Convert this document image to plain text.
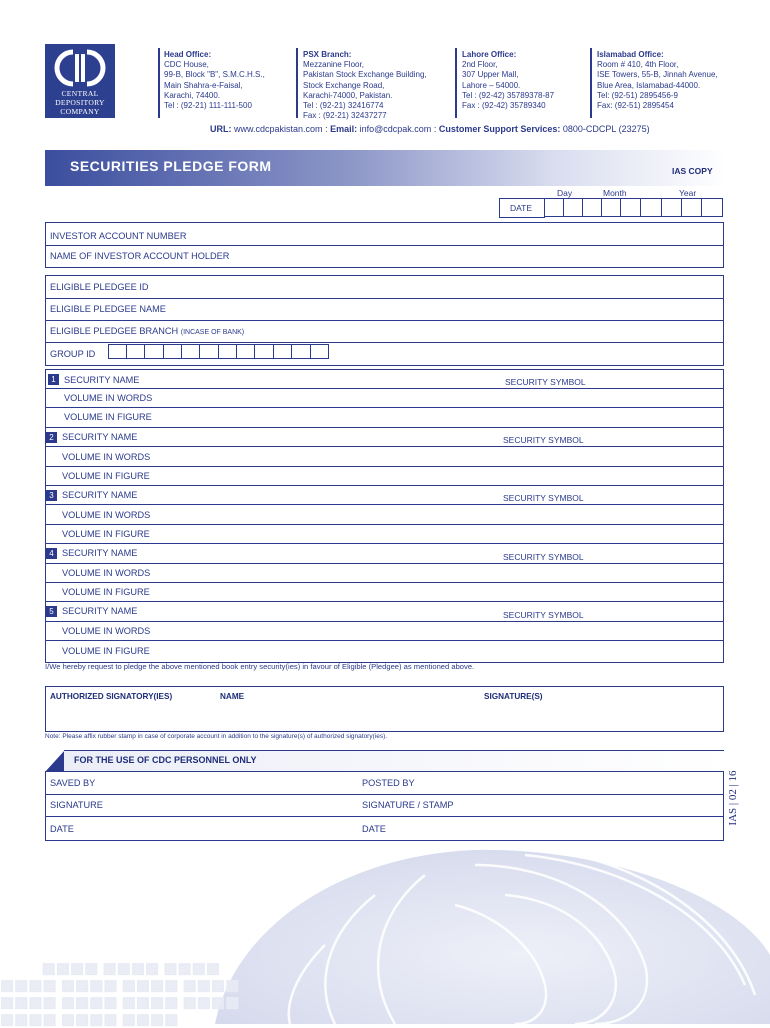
▩▩▩▩ ▩▩▩▩ ▩▩▩▩
▩▩▩▩ ▩▩▩▩ ▩▩▩▩ ▩▩▩▩
▩▩▩▩ ▩▩▩▩ ▩▩▩▩ ▩▩▩▩
▩▩▩▩ ▩▩▩▩ ▩▩▩▩
CENTRAL
DEPOSITORY
COMPANY
Head Office:
CDC House,
99-B, Block "B", S.M.C.H.S.,
Main Shahra-e-Faisal,
Karachi, 74400.
Tel : (92-21) 111-111-500
PSX Branch:
Mezzanine Floor,
Pakistan Stock Exchange Building,
Stock Exchange Road,
Karachi-74000, Pakistan.
Tel : (92-21) 32416774
Fax : (92-21) 32437277
Lahore Office:
2nd Floor,
307 Upper Mall,
Lahore – 54000.
Tel : (92-42) 35789378-87
Fax : (92-42) 35789340
Islamabad Office:
Room # 410, 4th Floor,
ISE Towers, 55-B, Jinnah Avenue,
Blue Area, Islamabad-44000.
Tel: (92-51) 2895456-9
Fax: (92-51) 2895454
URL: www.cdcpakistan.com : Email: info@cdcpak.com : Customer Support Services: 0800-CDCPL (23275)
SECURITIES PLEDGE FORM	IAS COPY
Day	Month	Year
DATE
INVESTOR ACCOUNT NUMBER
NAME OF INVESTOR ACCOUNT HOLDER
ELIGIBLE PLEDGEE ID
ELIGIBLE PLEDGEE NAME
ELIGIBLE PLEDGEE BRANCH (INCASE OF BANK)
GROUP ID
1 SECURITY NAME	SECURITY SYMBOL
VOLUME IN WORDS
VOLUME IN FIGURE
2 SECURITY NAME	SECURITY SYMBOL
VOLUME IN WORDS
VOLUME IN FIGURE
3 SECURITY NAME	SECURITY SYMBOL
VOLUME IN WORDS
VOLUME IN FIGURE
4 SECURITY NAME	SECURITY SYMBOL
VOLUME IN WORDS
VOLUME IN FIGURE
5 SECURITY NAME	SECURITY SYMBOL
VOLUME IN WORDS
VOLUME IN FIGURE
I/We hereby request to pledge the above mentioned book entry security(ies) in favour of Eligible (Pledgee) as mentioned above.
AUTHORIZED SIGNATORY(IES)	NAME	SIGNATURE(S)
Note: Please affix rubber stamp in case of corporate account in addition to the signature(s) of authorized signatory(ies).
FOR THE USE OF CDC PERSONNEL ONLY
SAVED BY	POSTED BY
SIGNATURE	SIGNATURE / STAMP
DATE	DATE
IAS | 02 | 16
